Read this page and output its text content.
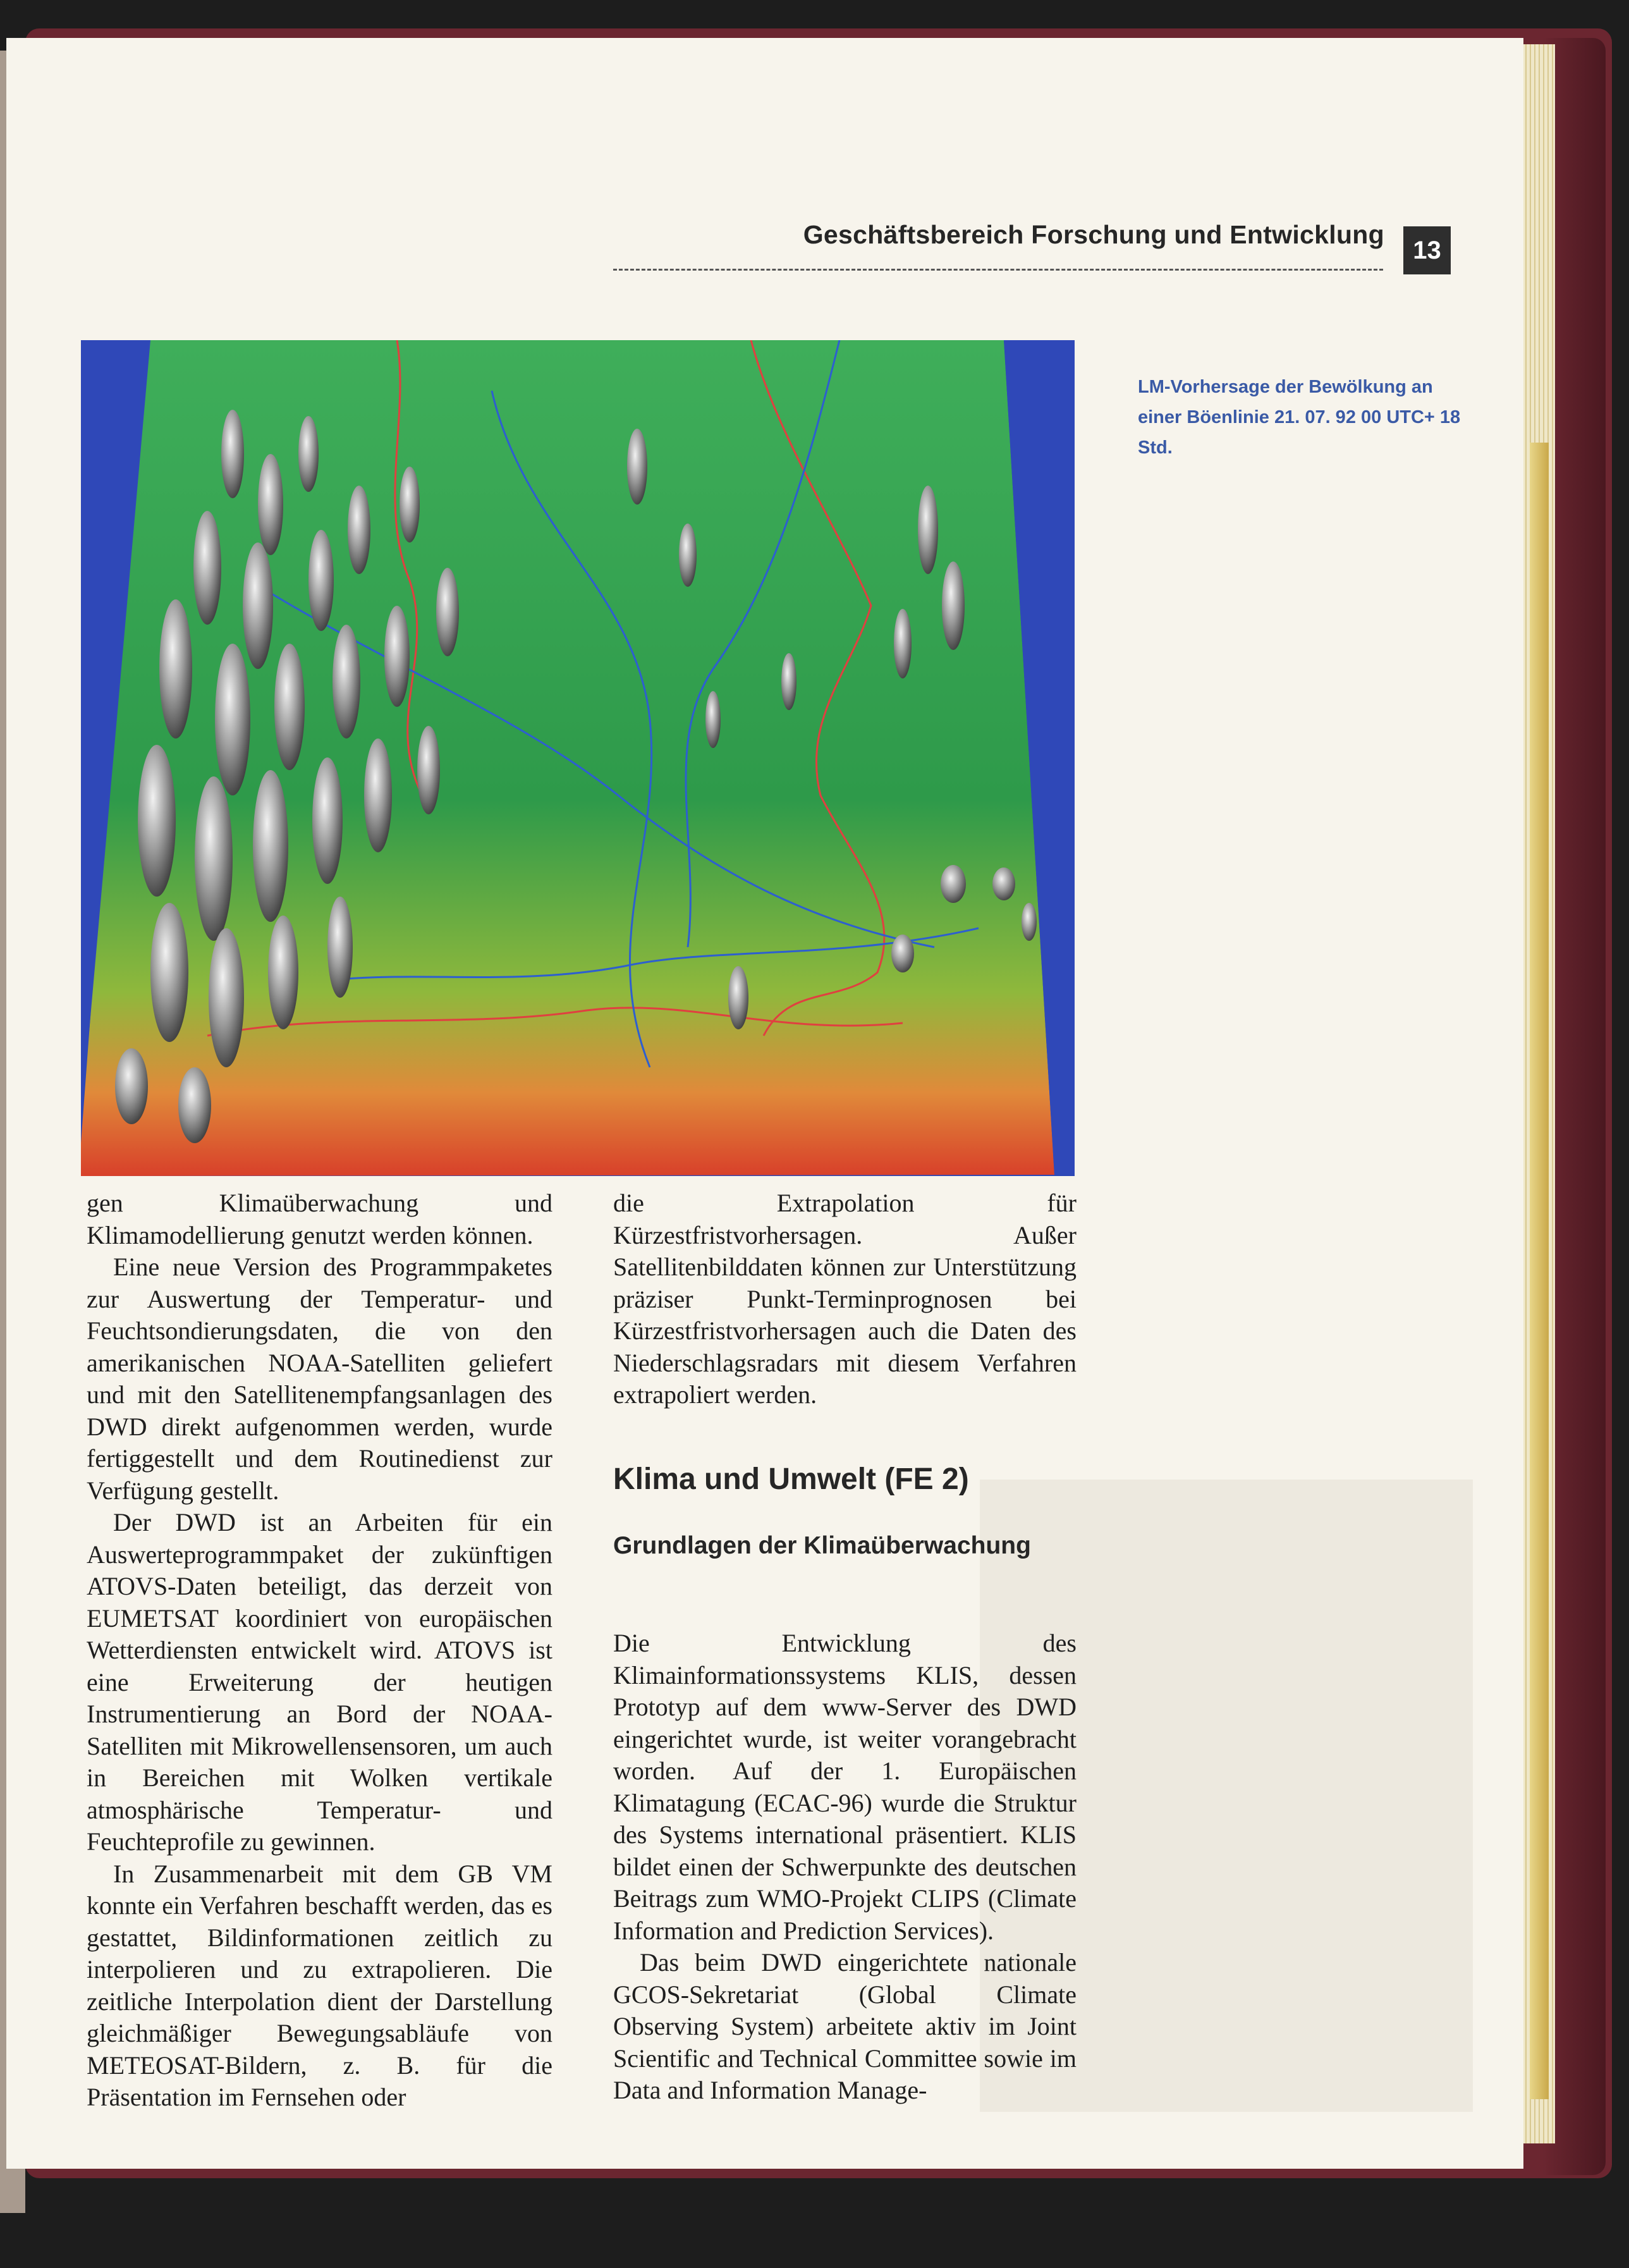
Geschäftsbereich Forschung und Entwicklung
13
LM-Vorhersage der Bewölkung an einer Böenlinie 21. 07. 92 00 UTC+ 18 Std.

gen Klimaüberwachung und Klimamodellierung genutzt werden können.

Eine neue Version des Programmpaketes zur Auswertung der Temperatur- und Feuchtsondierungsdaten, die von den amerikanischen NOAA-Satelliten geliefert und mit den Satellitenempfangsanlagen des DWD direkt aufgenommen werden, wurde fertiggestellt und dem Routinedienst zur Verfügung gestellt.

Der DWD ist an Arbeiten für ein Auswerteprogrammpaket der zukünftigen ATOVS-Daten beteiligt, das derzeit von EUMETSAT koordiniert von europäischen Wetterdiensten entwickelt wird. ATOVS ist eine Erweiterung der heutigen Instrumentierung an Bord der NOAA-Satelliten mit Mikrowellensensoren, um auch in Bereichen mit Wolken vertikale atmosphärische Temperatur- und Feuchteprofile zu gewinnen.

In Zusammenarbeit mit dem GB VM konnte ein Verfahren beschafft werden, das es gestattet, Bildinformationen zeitlich zu interpolieren und zu extrapolieren. Die zeitliche Interpolation dient der Darstellung gleichmäßiger Bewegungsabläufe von METEOSAT-Bildern, z. B. für die Präsentation im Fernsehen oder

die Extrapolation für Kürzestfristvorhersagen. Außer Satellitenbilddaten können zur Unterstützung präziser Punkt-Terminprognosen bei Kürzestfristvorhersagen auch die Daten des Niederschlagsradars mit diesem Verfahren extrapoliert werden.

Klima und Umwelt (FE 2)
Grundlagen der Klimaüberwachung

Die Entwicklung des Klimainformationssystems KLIS, dessen Prototyp auf dem www-Server des DWD eingerichtet wurde, ist weiter vorangebracht worden. Auf der 1. Europäischen Klimatagung (ECAC-96) wurde die Struktur des Systems international präsentiert. KLIS bildet einen der Schwerpunkte des deutschen Beitrags zum WMO-Projekt CLIPS (Climate Information and Prediction Services).

Das beim DWD eingerichtete nationale GCOS-Sekretariat (Global Climate Observing System) arbeitete aktiv im Joint Scientific and Technical Committee sowie im Data and Information Manage-
